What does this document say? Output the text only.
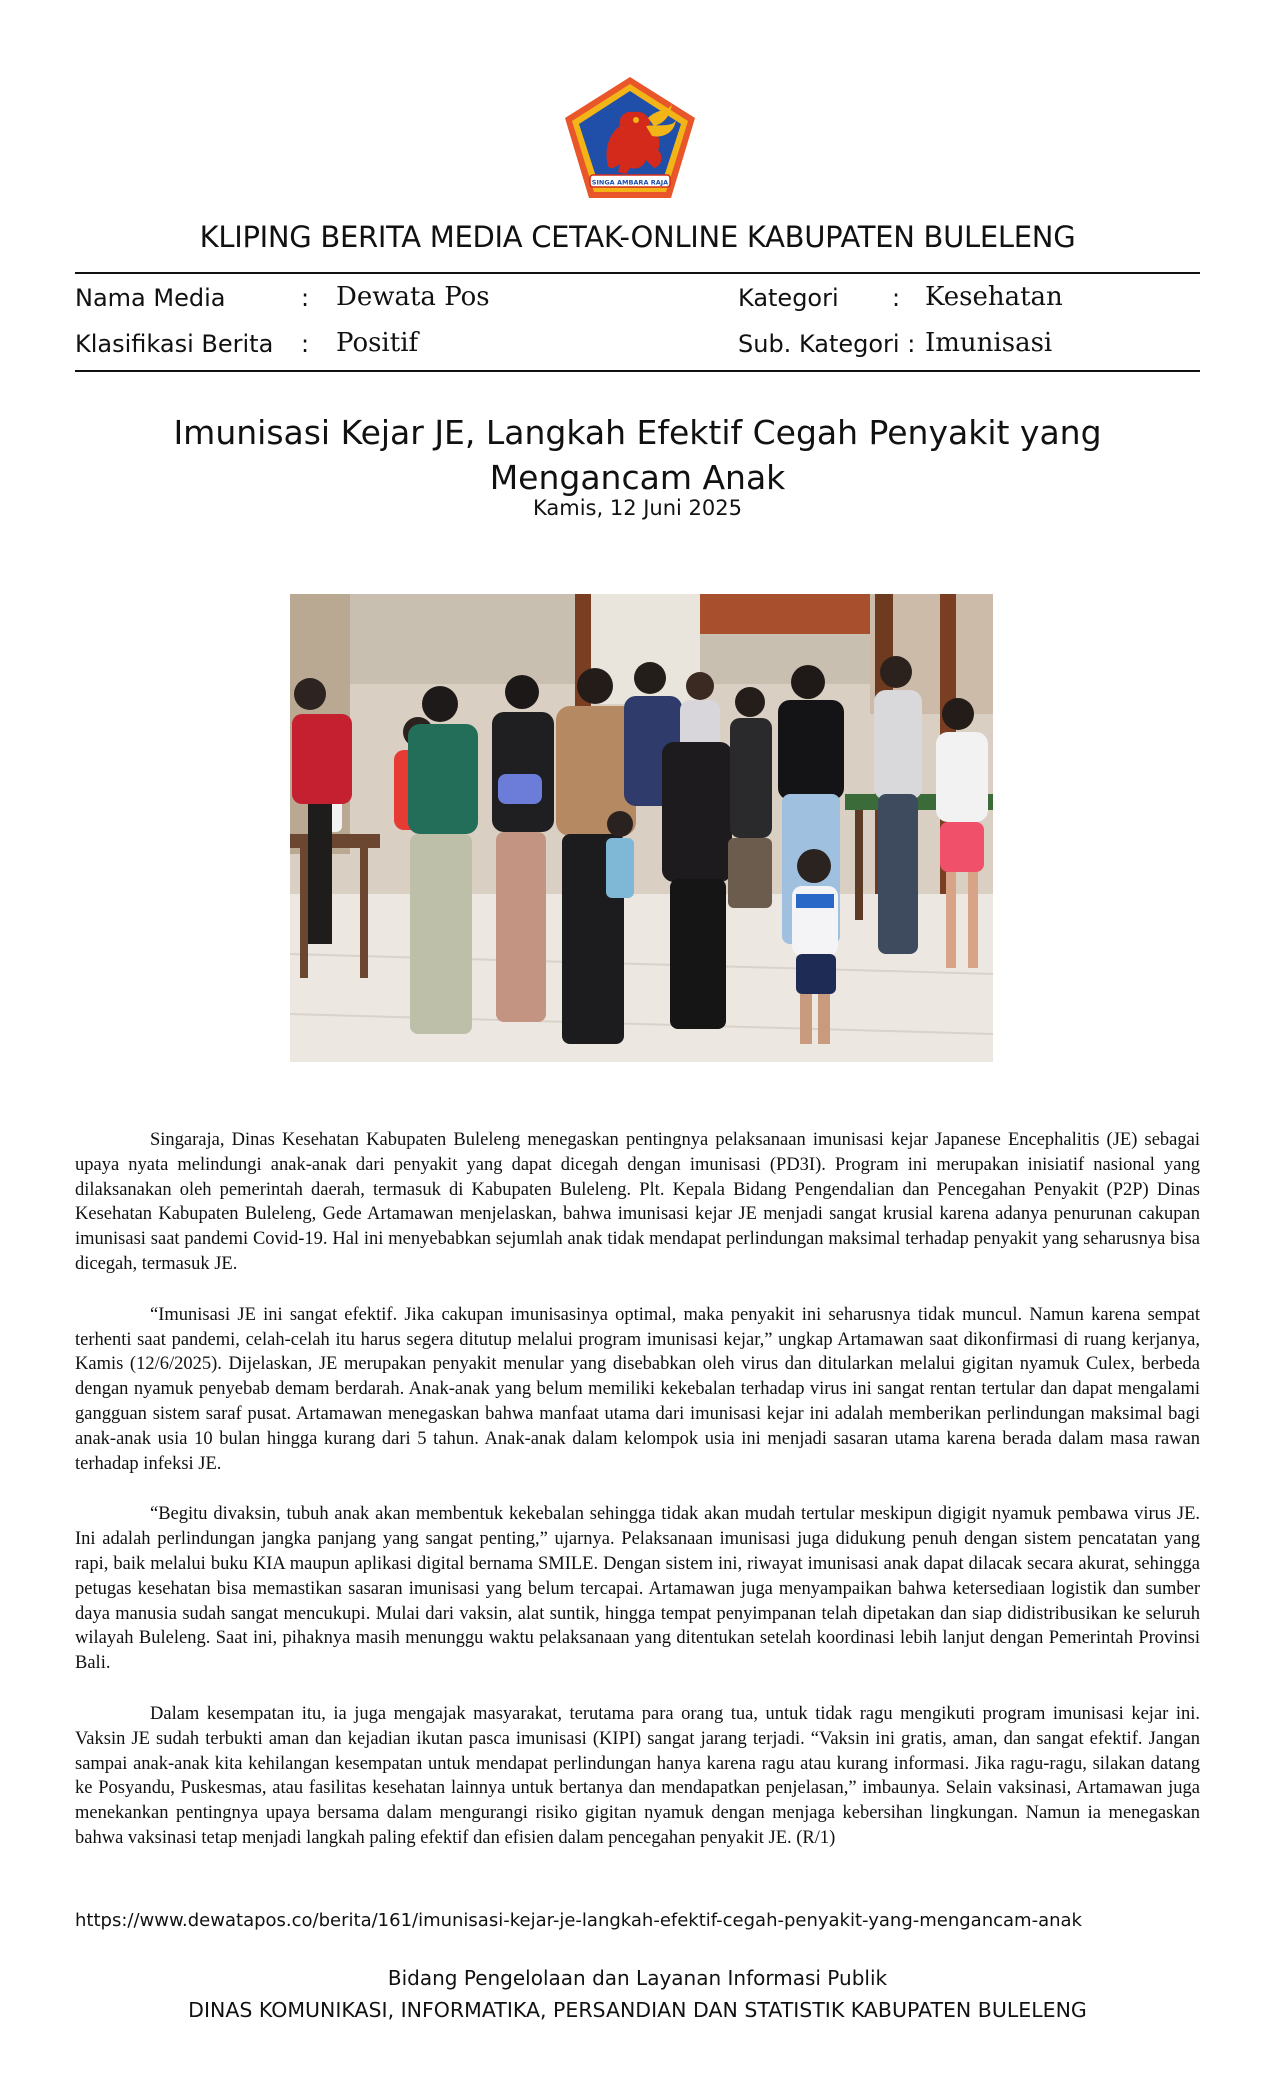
SINGA AMBARA RAJA
KLIPING BERITA MEDIA CETAK-ONLINE KABUPATEN BULELENG
Nama Media	: Dewata Pos	Kategori : Kesehatan
Klasifikasi Berita : Positif	Sub. Kategori : Imunisasi
Imunisasi Kejar JE, Langkah Efektif Cegah Penyakit yang Mengancam Anak
Kamis, 12 Juni 2025

Singaraja, Dinas Kesehatan Kabupaten Buleleng menegaskan pentingnya pelaksanaan imunisasi kejar Japanese Encephalitis (JE) sebagai upaya nyata melindungi anak-anak dari penyakit yang dapat dicegah dengan imunisasi (PD3I). Program ini merupakan inisiatif nasional yang dilaksanakan oleh pemerintah daerah, termasuk di Kabupaten Buleleng. Plt. Kepala Bidang Pengendalian dan Pencegahan Penyakit (P2P) Dinas Kesehatan Kabupaten Buleleng, Gede Artamawan menjelaskan, bahwa imunisasi kejar JE menjadi sangat krusial karena adanya penurunan cakupan imunisasi saat pandemi Covid-19. Hal ini menyebabkan sejumlah anak tidak mendapat perlindungan maksimal terhadap penyakit yang seharusnya bisa dicegah, termasuk JE.

“Imunisasi JE ini sangat efektif. Jika cakupan imunisasinya optimal, maka penyakit ini seharusnya tidak muncul. Namun karena sempat terhenti saat pandemi, celah-celah itu harus segera ditutup melalui program imunisasi kejar,” ungkap Artamawan saat dikonfirmasi di ruang kerjanya, Kamis (12/6/2025). Dijelaskan, JE merupakan penyakit menular yang disebabkan oleh virus dan ditularkan melalui gigitan nyamuk Culex, berbeda dengan nyamuk penyebab demam berdarah. Anak-anak yang belum memiliki kekebalan terhadap virus ini sangat rentan tertular dan dapat mengalami gangguan sistem saraf pusat. Artamawan menegaskan bahwa manfaat utama dari imunisasi kejar ini adalah memberikan perlindungan maksimal bagi anak-anak usia 10 bulan hingga kurang dari 5 tahun. Anak-anak dalam kelompok usia ini menjadi sasaran utama karena berada dalam masa rawan terhadap infeksi JE.

“Begitu divaksin, tubuh anak akan membentuk kekebalan sehingga tidak akan mudah tertular meskipun digigit nyamuk pembawa virus JE. Ini adalah perlindungan jangka panjang yang sangat penting,” ujarnya. Pelaksanaan imunisasi juga didukung penuh dengan sistem pencatatan yang rapi, baik melalui buku KIA maupun aplikasi digital bernama SMILE. Dengan sistem ini, riwayat imunisasi anak dapat dilacak secara akurat, sehingga petugas kesehatan bisa memastikan sasaran imunisasi yang belum tercapai. Artamawan juga menyampaikan bahwa ketersediaan logistik dan sumber daya manusia sudah sangat mencukupi. Mulai dari vaksin, alat suntik, hingga tempat penyimpanan telah dipetakan dan siap didistribusikan ke seluruh wilayah Buleleng. Saat ini, pihaknya masih menunggu waktu pelaksanaan yang ditentukan setelah koordinasi lebih lanjut dengan Pemerintah Provinsi Bali.

Dalam kesempatan itu, ia juga mengajak masyarakat, terutama para orang tua, untuk tidak ragu mengikuti program imunisasi kejar ini. Vaksin JE sudah terbukti aman dan kejadian ikutan pasca imunisasi (KIPI) sangat jarang terjadi. “Vaksin ini gratis, aman, dan sangat efektif. Jangan sampai anak-anak kita kehilangan kesempatan untuk mendapat perlindungan hanya karena ragu atau kurang informasi. Jika ragu-ragu, silakan datang ke Posyandu, Puskesmas, atau fasilitas kesehatan lainnya untuk bertanya dan mendapatkan penjelasan,” imbaunya. Selain vaksinasi, Artamawan juga menekankan pentingnya upaya bersama dalam mengurangi risiko gigitan nyamuk dengan menjaga kebersihan lingkungan. Namun ia menegaskan bahwa vaksinasi tetap menjadi langkah paling efektif dan efisien dalam pencegahan penyakit JE. (R/1)

https://www.dewatapos.co/berita/161/imunisasi-kejar-je-langkah-efektif-cegah-penyakit-yang-mengancam-anak
Bidang Pengelolaan dan Layanan Informasi Publik
DINAS KOMUNIKASI, INFORMATIKA, PERSANDIAN DAN STATISTIK KABUPATEN BULELENG
